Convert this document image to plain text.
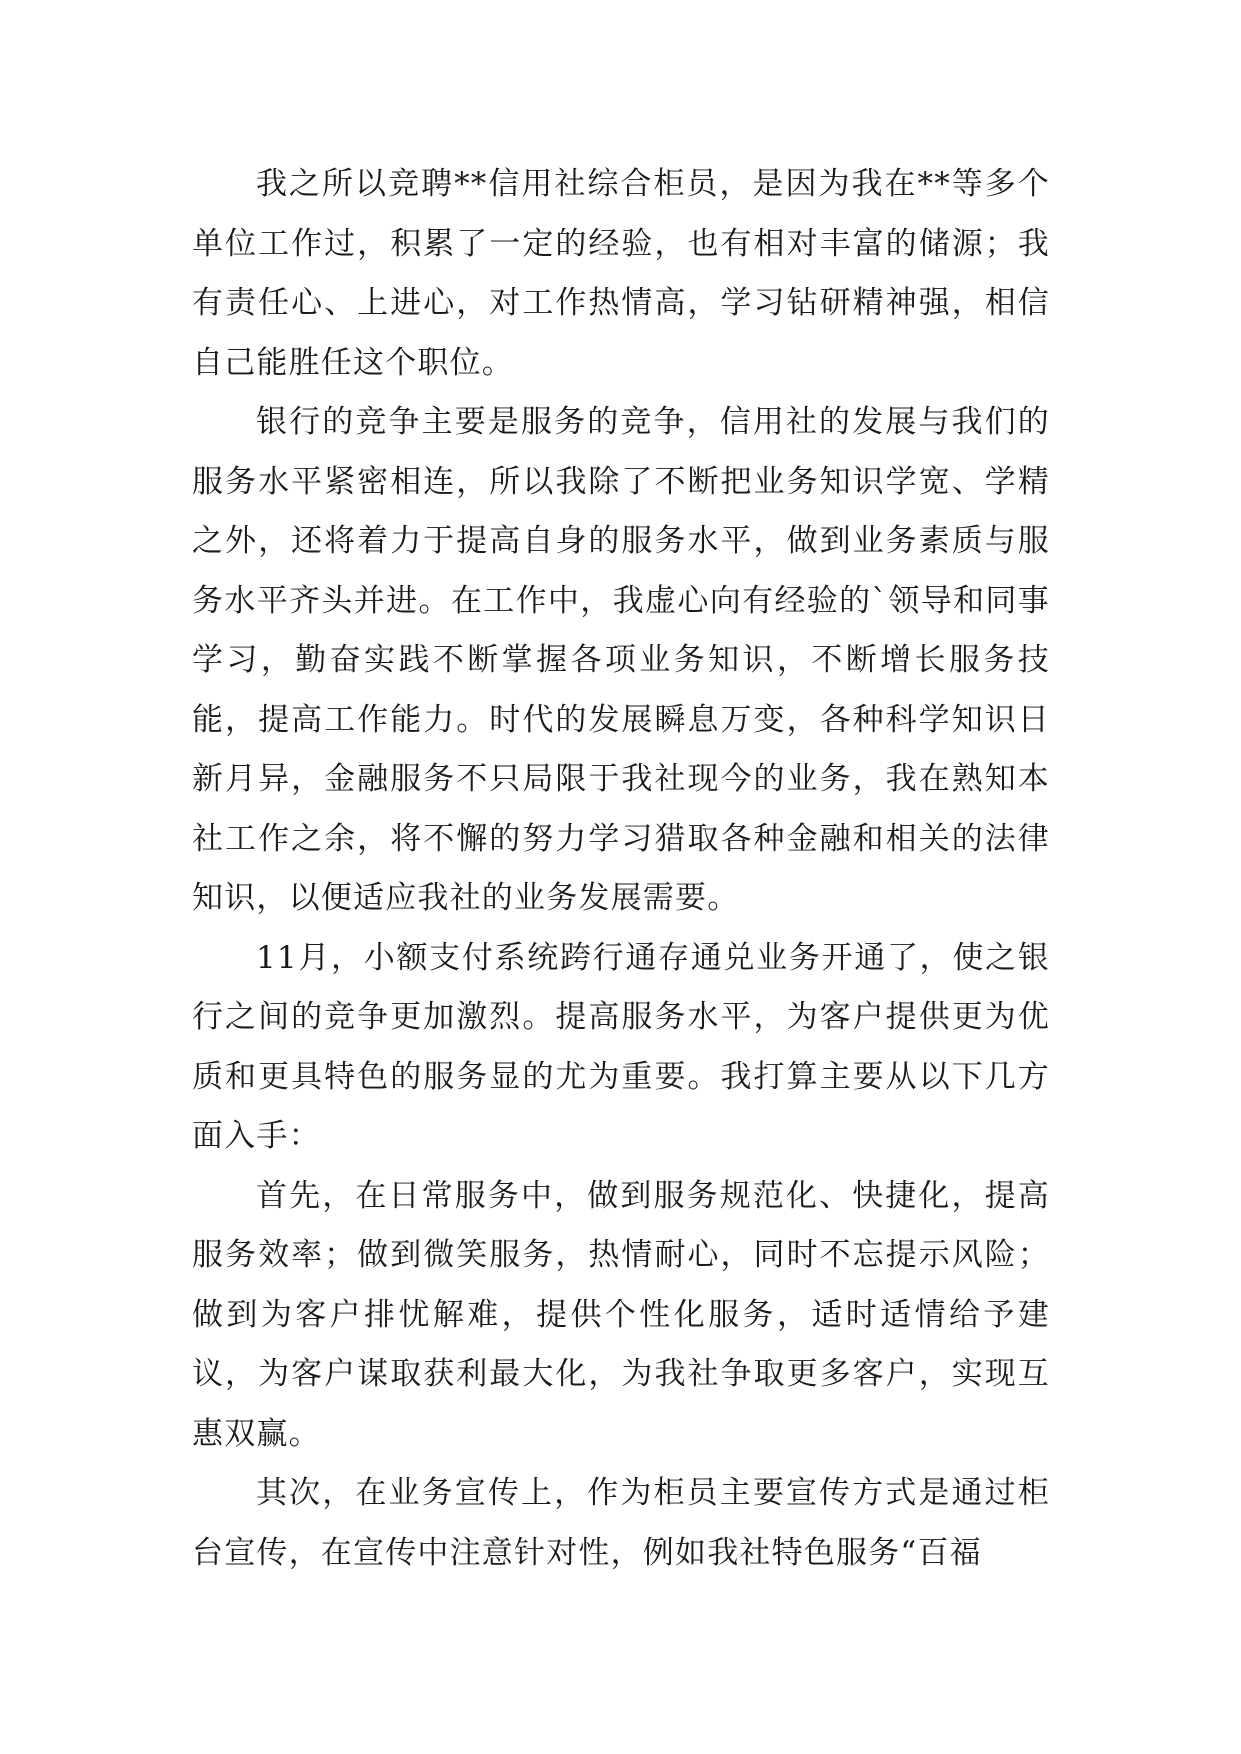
我之所以竞聘**信用社综合柜员，是因为我在**等多个单位工作过，积累了一定的经验，也有相对丰富的储源；我有责任心、上进心，对工作热情高，学习钻研精神强，相信自己能胜任这个职位。

银行的竞争主要是服务的竞争，信用社的发展与我们的服务水平紧密相连，所以我除了不断把业务知识学宽、学精之外，还将着力于提高自身的服务水平，做到业务素质与服务水平齐头并进。在工作中，我虚心向有经验的`领导和同事学习，勤奋实践不断掌握各项业务知识，不断增长服务技能，提高工作能力。时代的发展瞬息万变，各种科学知识日新月异，金融服务不只局限于我社现今的业务，我在熟知本社工作之余，将不懈的努力学习猎取各种金融和相关的法律知识，以便适应我社的业务发展需要。

11月，小额支付系统跨行通存通兑业务开通了，使之银行之间的竞争更加激烈。提高服务水平，为客户提供更为优质和更具特色的服务显的尤为重要。我打算主要从以下几方面入手：

首先，在日常服务中，做到服务规范化、快捷化，提高服务效率；做到微笑服务，热情耐心，同时不忘提示风险；做到为客户排忧解难，提供个性化服务，适时适情给予建议，为客户谋取获利最大化，为我社争取更多客户，实现互惠双赢。

其次，在业务宣传上，作为柜员主要宣传方式是通过柜台宣传，在宣传中注意针对性，例如我社特色服务“百福
